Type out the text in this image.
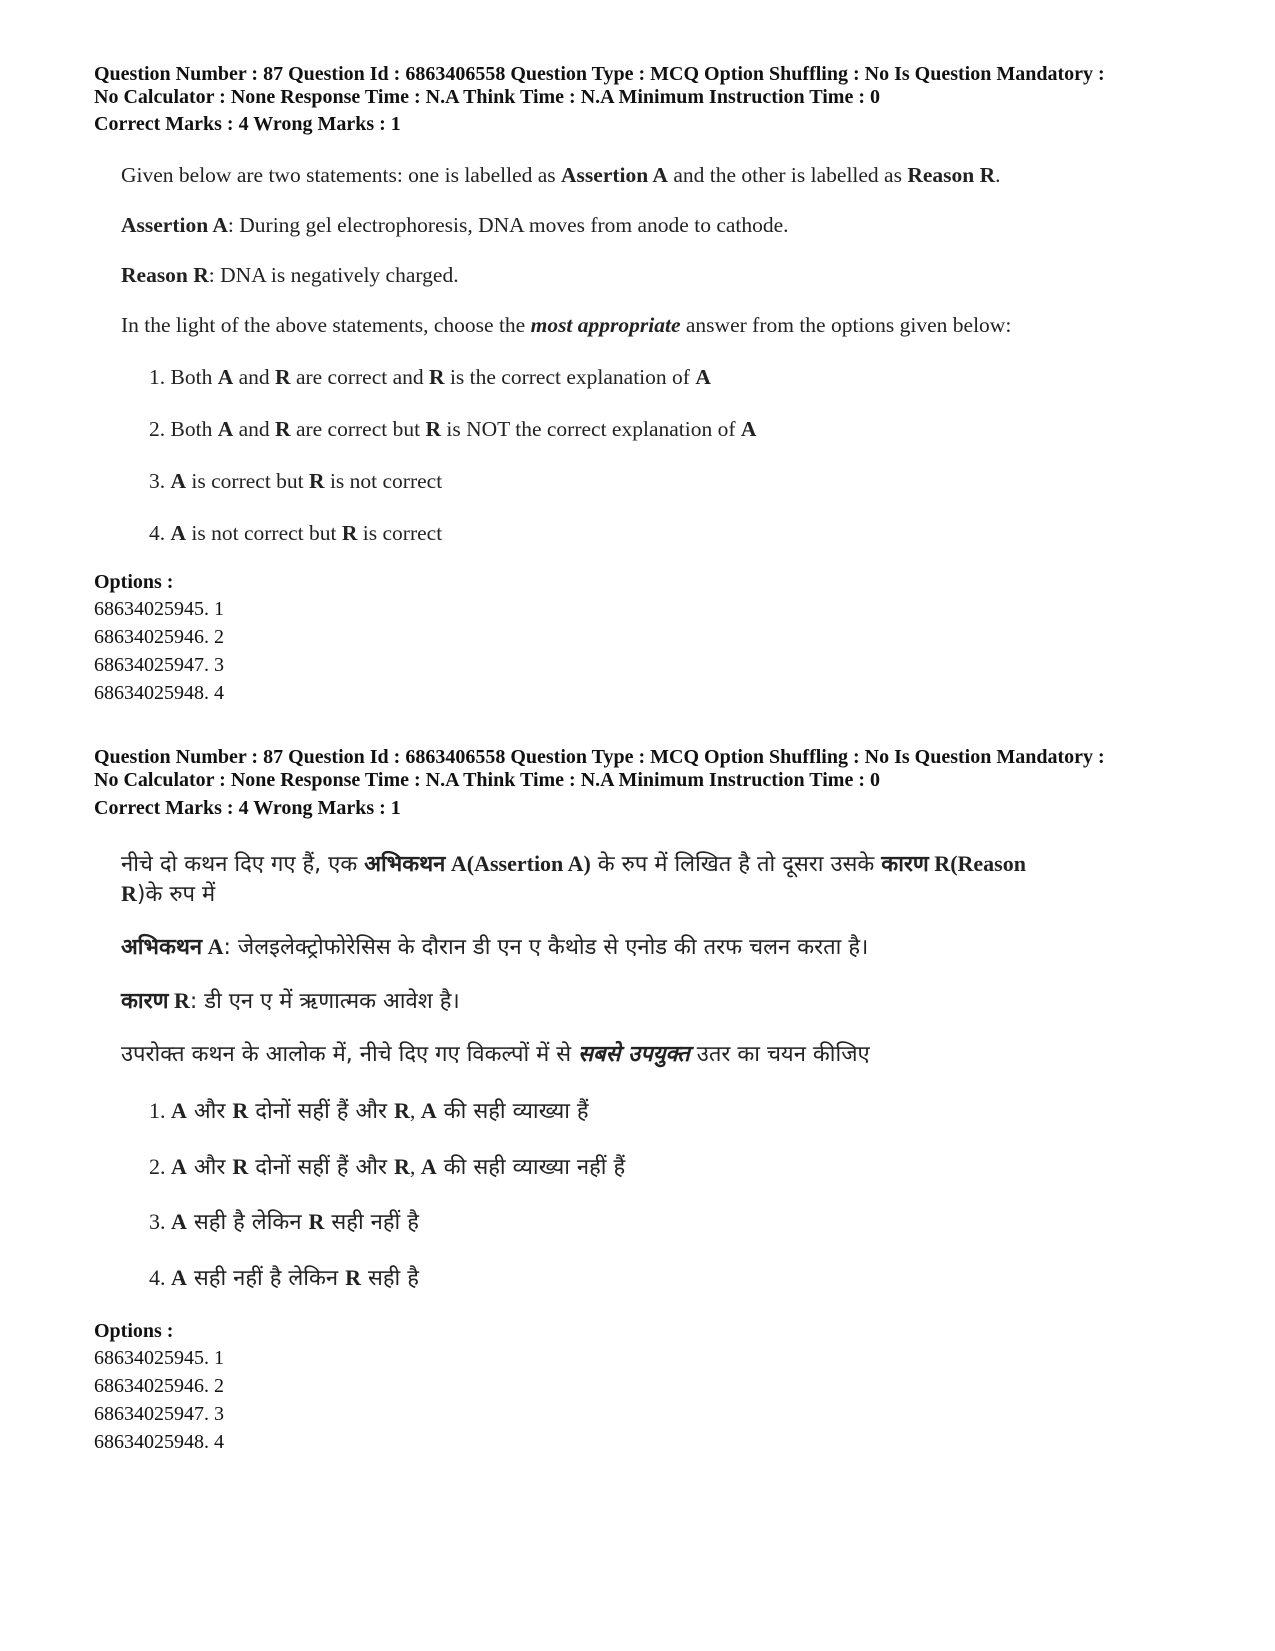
Question Number : 87 Question Id : 6863406558 Question Type : MCQ Option Shuffling : No Is Question Mandatory :
No Calculator : None Response Time : N.A Think Time : N.A Minimum Instruction Time : 0
Correct Marks : 4 Wrong Marks : 1
Given below are two statements: one is labelled as Assertion A and the other is labelled as Reason R.
Assertion A: During gel electrophoresis, DNA moves from anode to cathode.
Reason R: DNA is negatively charged.
In the light of the above statements, choose the most appropriate answer from the options given below:
1. Both A and R are correct and R is the correct explanation of A
2. Both A and R are correct but R is NOT the correct explanation of A
3. A is correct but R is not correct
4. A is not correct but R is correct
Options :
68634025945. 1
68634025946. 2
68634025947. 3
68634025948. 4
Question Number : 87 Question Id : 6863406558 Question Type : MCQ Option Shuffling : No Is Question Mandatory :
No Calculator : None Response Time : N.A Think Time : N.A Minimum Instruction Time : 0
Correct Marks : 4 Wrong Marks : 1
नीचे दो कथन दिए गए हैं, एक अभिकथन A(Assertion A) के रुप में लिखित है तो दूसरा उसके कारण R(Reason
R)के रुप में
अभिकथन A: जेलइलेक्ट्रोफोरेसिस के दौरान डी एन ए कैथोड से एनोड की तरफ चलन करता है।
कारण R: डी एन ए में ऋणात्मक आवेश है।
उपरोक्त कथन के आलोक में, नीचे दिए गए विकल्पों में से सबसे उपयुक्त उतर का चयन कीजिए
1. A और R दोनों सहीं हैं और R, A की सही व्याख्या हैं
2. A और R दोनों सहीं हैं और R, A की सही व्याख्या नहीं हैं
3. A सही है लेकिन R सही नहीं है
4. A सही नहीं है लेकिन R सही है
Options :
68634025945. 1
68634025946. 2
68634025947. 3
68634025948. 4
